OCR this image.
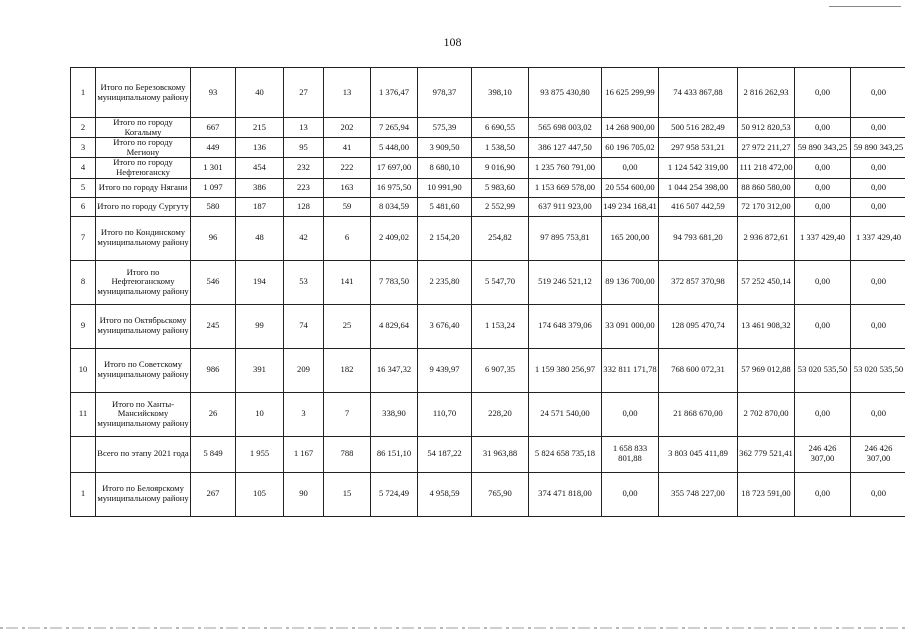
108
1	Итого по Березовскому муниципальному району	93	40	27	13	1 376,47	978,37	398,10	93 875 430,80	16 625 299,99	74 433 867,88	2 816 262,93	0,00	0,00
2	Итого по городу Когалыму	667	215	13	202	7 265,94	575,39	6 690,55	565 698 003,02	14 268 900,00	500 516 282,49	50 912 820,53	0,00	0,00
3	Итого по городу Мегиону	449	136	95	41	5 448,00	3 909,50	1 538,50	386 127 447,50	60 196 705,02	297 958 531,21	27 972 211,27	59 890 343,25	59 890 343,25
4	Итого по городу Нефтеюганску	1 301	454	232	222	17 697,00	8 680,10	9 016,90	1 235 760 791,00	0,00	1 124 542 319,00	111 218 472,00	0,00	0,00
5	Итого по городу Нягани	1 097	386	223	163	16 975,50	10 991,90	5 983,60	1 153 669 578,00	20 554 600,00	1 044 254 398,00	88 860 580,00	0,00	0,00
6	Итого по городу Сургуту	580	187	128	59	8 034,59	5 481,60	2 552,99	637 911 923,00	149 234 168,41	416 507 442,59	72 170 312,00	0,00	0,00
7	Итого по Кондинскому муниципальному району	96	48	42	6	2 409,02	2 154,20	254,82	97 895 753,81	165 200,00	94 793 681,20	2 936 872,61	1 337 429,40	1 337 429,40
8	Итого по Нефтеюганскому муниципальному району	546	194	53	141	7 783,50	2 235,80	5 547,70	519 246 521,12	89 136 700,00	372 857 370,98	57 252 450,14	0,00	0,00
9	Итого по Октябрьскому муниципальному району	245	99	74	25	4 829,64	3 676,40	1 153,24	174 648 379,06	33 091 000,00	128 095 470,74	13 461 908,32	0,00	0,00
10	Итого по Советскому муниципальному району	986	391	209	182	16 347,32	9 439,97	6 907,35	1 159 380 256,97	332 811 171,78	768 600 072,31	57 969 012,88	53 020 535,50	53 020 535,50
11	Итого по Ханты-Мансийскому муниципальному району	26	10	3	7	338,90	110,70	228,20	24 571 540,00	0,00	21 868 670,00	2 702 870,00	0,00	0,00
	Всего по этапу 2021 года	5 849	1 955	1 167	788	86 151,10	54 187,22	31 963,88	5 824 658 735,18	1 658 833 801,88	3 803 045 411,89	362 779 521,41	246 426 307,00	246 426 307,00
1	Итого по Белоярскому муниципальному району	267	105	90	15	5 724,49	4 958,59	765,90	374 471 818,00	0,00	355 748 227,00	18 723 591,00	0,00	0,00
